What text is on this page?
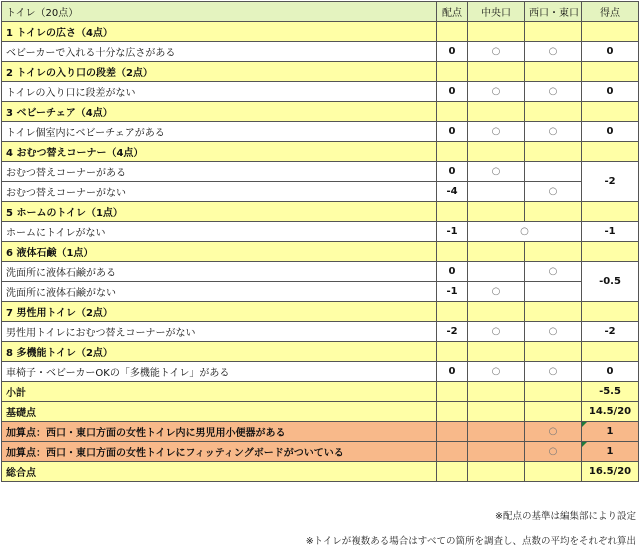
トイレ（20点）	配点	中央口	西口・東口	得点
1 トイレの広さ（4点）				
ベビーカーで入れる十分な広さがある	0	○	○	0
2 トイレの入り口の段差（2点）				
トイレの入り口に段差がない	0	○	○	0
3 ベビーチェア（4点）				
トイレ個室内にベビーチェアがある	0	○	○	0
4 おむつ替えコーナー（4点）				
おむつ替えコーナーがある	0	○		-2
おむつ替えコーナーがない	-4		○	
5 ホームのトイレ（1点）				
ホームにトイレがない	-1	○		-1
6 液体石鹸（1点）				
洗面所に液体石鹸がある	0		○	-0.5
洗面所に液体石鹸がない	-1	○		
7 男性用トイレ（2点）				
男性用トイレにおむつ替えコーナーがない	-2	○	○	-2
8 多機能トイレ（2点）				
車椅子・ベビーカーOKの「多機能トイレ」がある	0	○	○	0
小計				-5.5
基礎点				14.5/20
加算点：西口・東口方面の女性トイレ内に男児用小便器がある			○	1
加算点：西口・東口方面の女性トイレにフィッティングボードがついている			○	1
総合点				16.5/20
※配点の基準は編集部により設定
※トイレが複数ある場合はすべての箇所を調査し、点数の平均をそれぞれ算出
